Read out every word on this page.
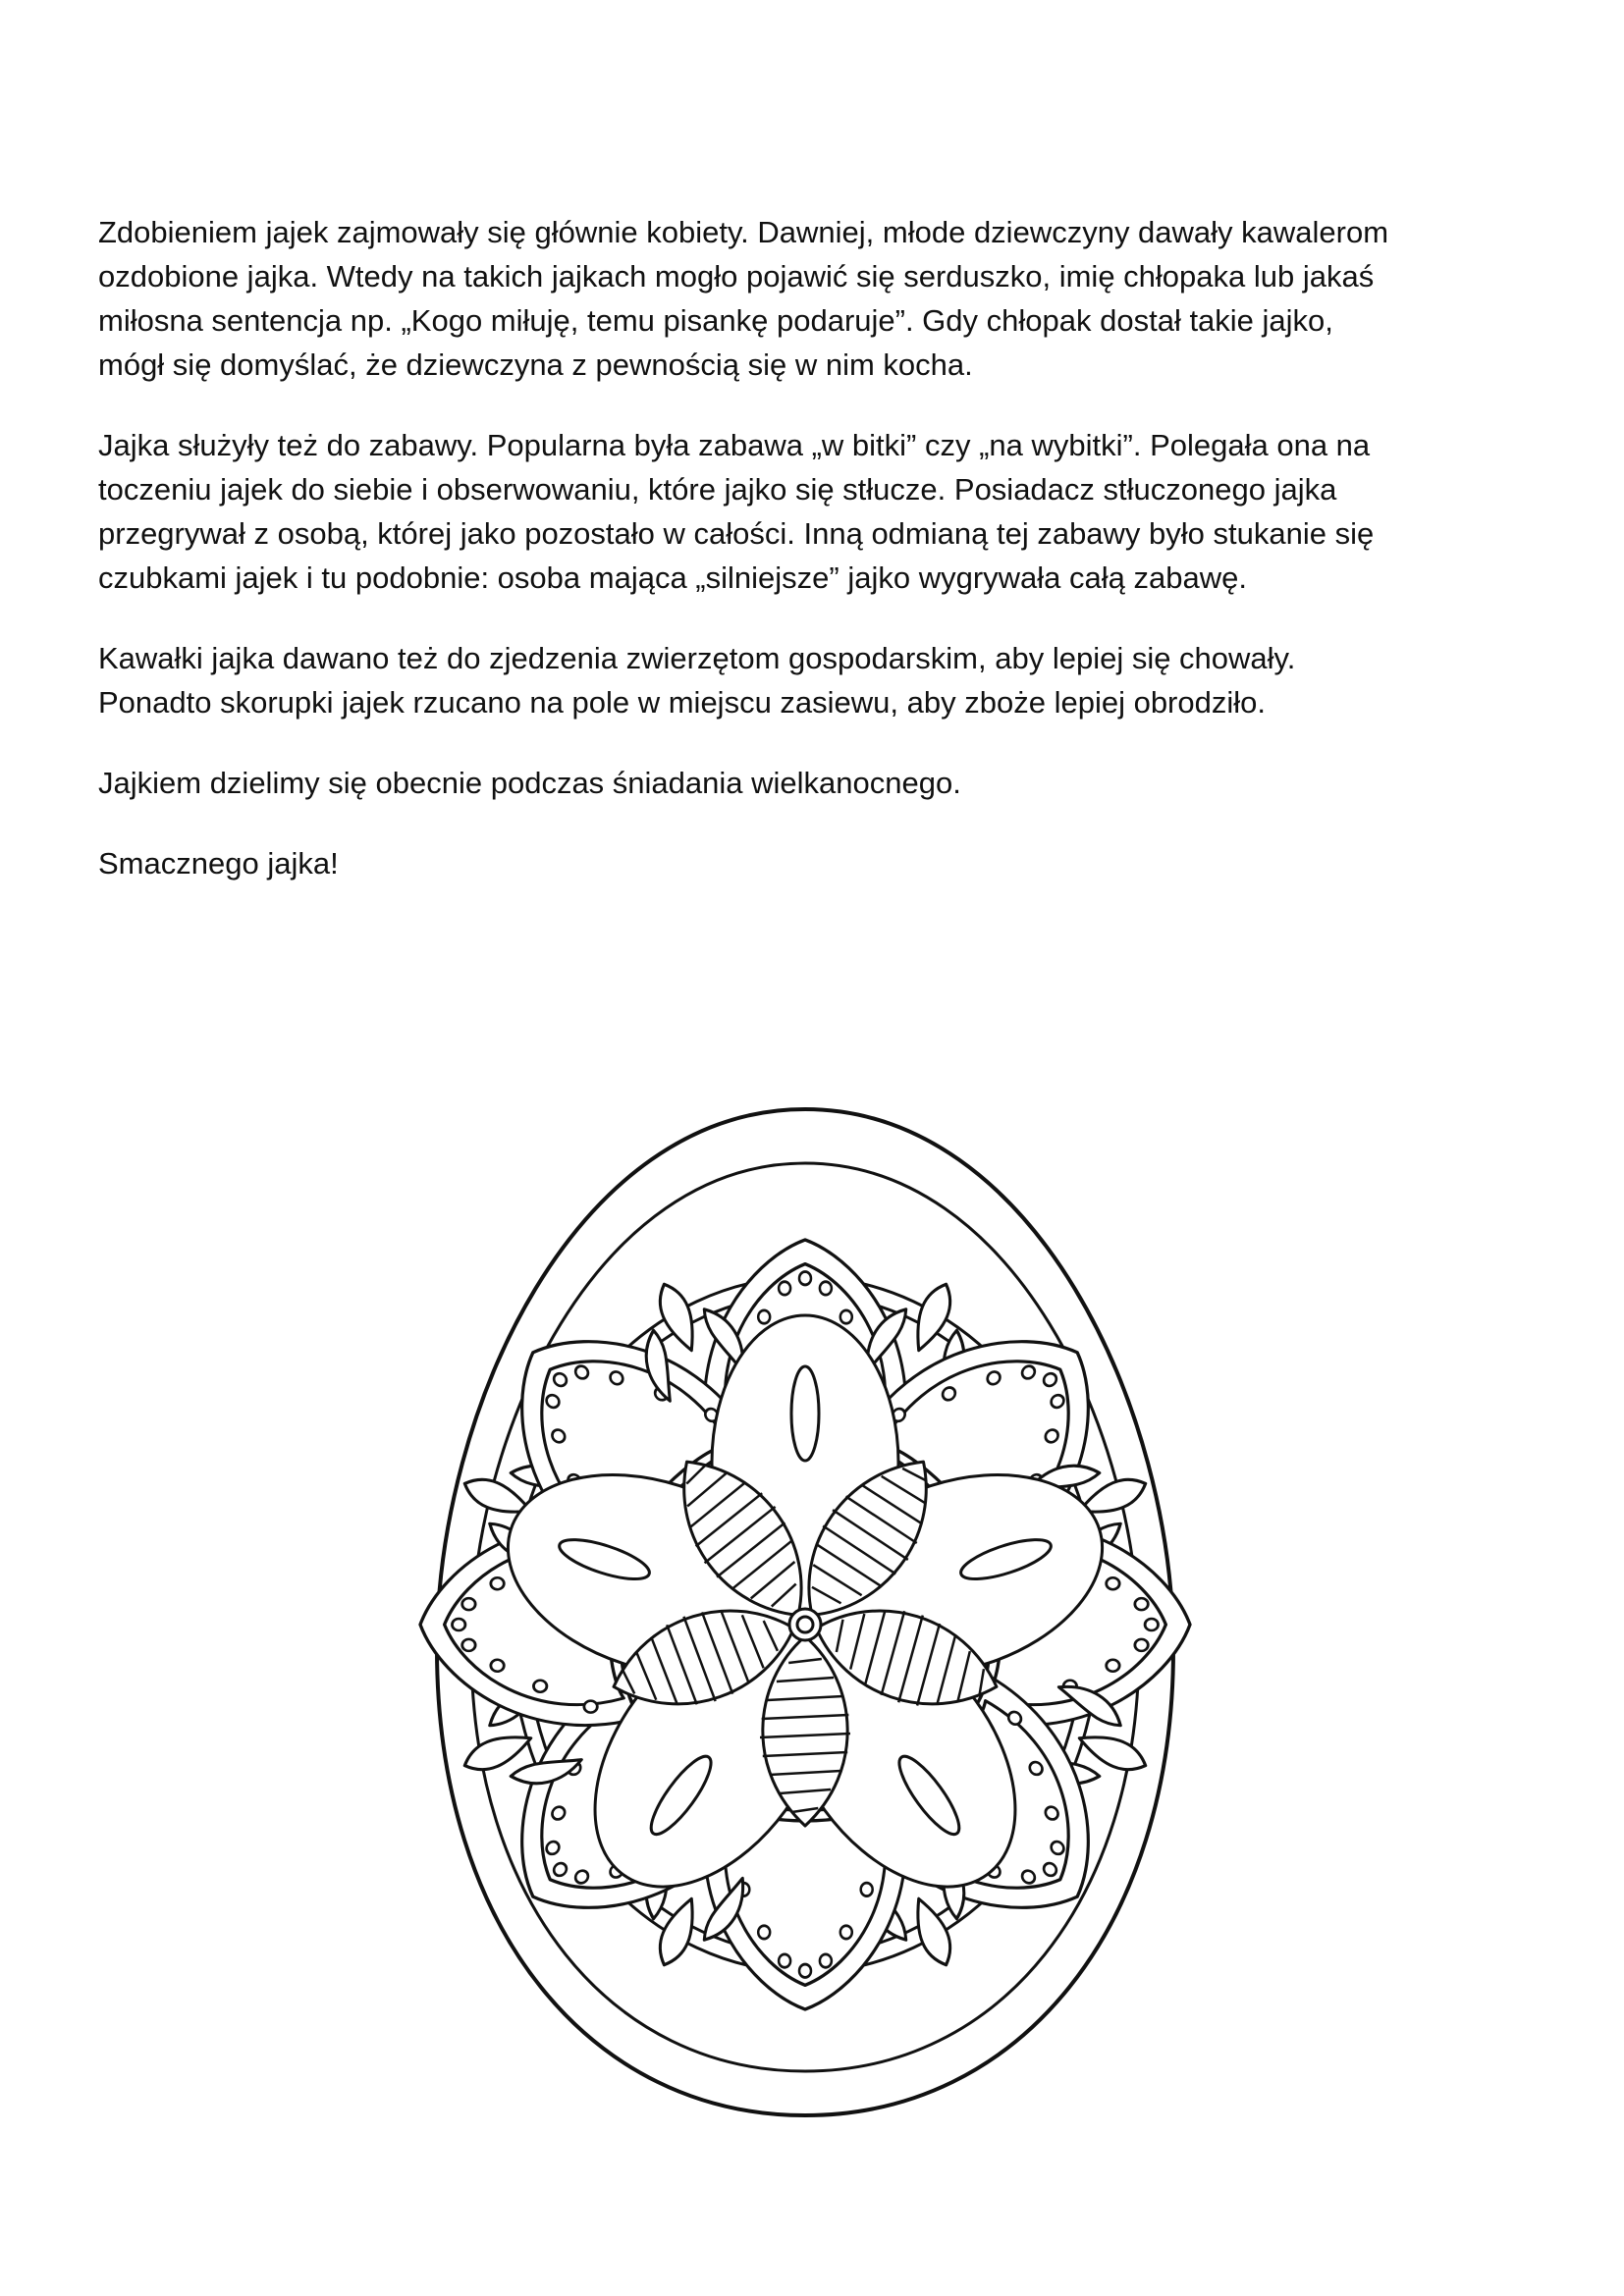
Zdobieniem jajek zajmowały się głównie kobiety. Dawniej, młode dziewczyny dawały kawalerom
ozdobione jajka. Wtedy na takich jajkach mogło pojawić się serduszko, imię chłopaka lub jakaś
miłosna sentencja np. „Kogo miłuję, temu pisankę podaruje”. Gdy chłopak dostał takie jajko,
mógł się domyślać, że dziewczyna z pewnością się w nim kocha.

Jajka służyły też do zabawy. Popularna była zabawa „w bitki” czy „na wybitki”. Polegała ona na
toczeniu jajek do siebie i obserwowaniu, które jajko się stłucze. Posiadacz stłuczonego jajka
przegrywał z osobą, której jako pozostało w całości. Inną odmianą tej zabawy było stukanie się
czubkami jajek i tu podobnie: osoba mająca „silniejsze” jajko wygrywała całą zabawę.

Kawałki jajka dawano też do zjedzenia zwierzętom gospodarskim, aby lepiej się chowały.
Ponadto skorupki jajek rzucano na pole w miejscu zasiewu, aby zboże lepiej obrodziło.

Jajkiem dzielimy się obecnie podczas śniadania wielkanocnego.

Smacznego jajka!
